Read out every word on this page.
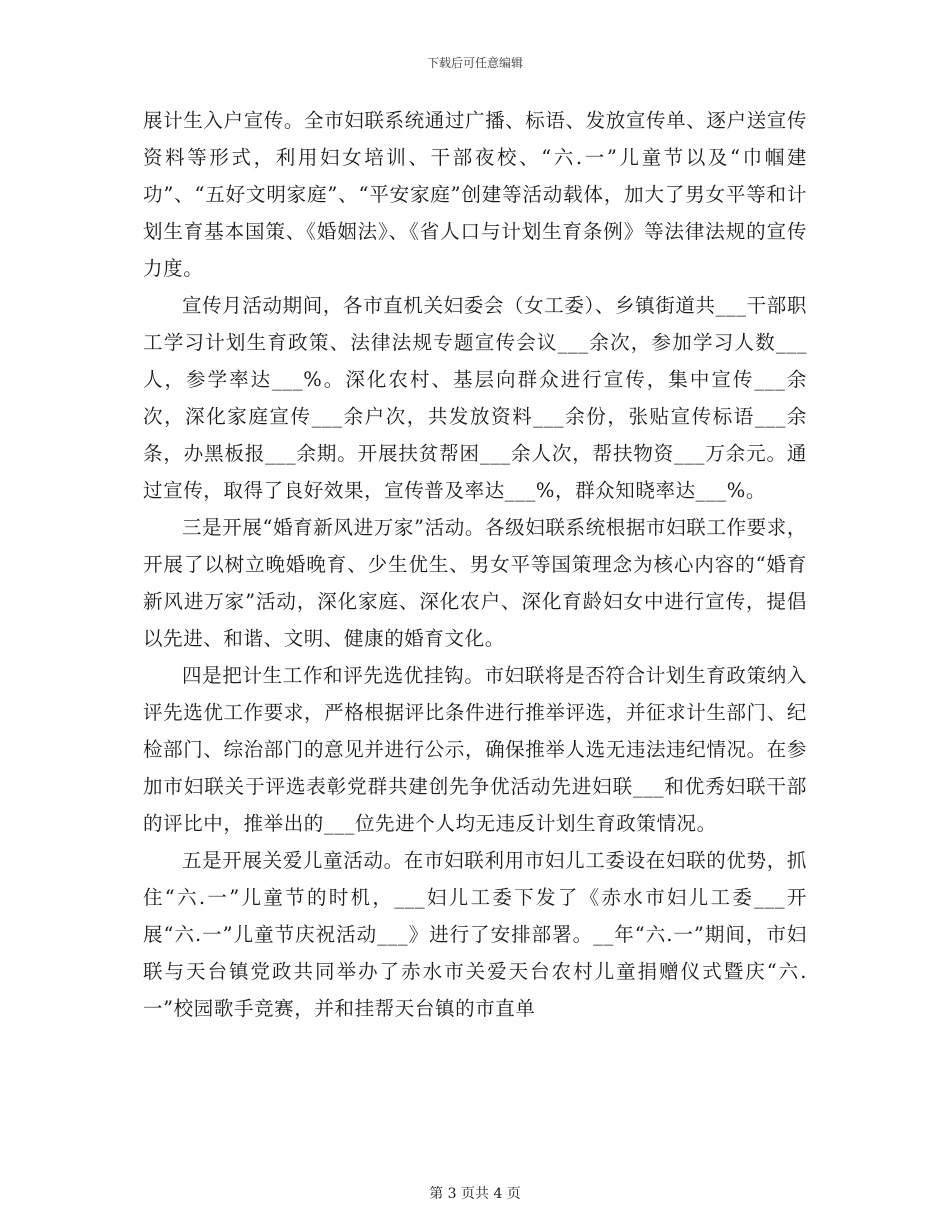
下载后可任意编辑

展计生入户宣传。全市妇联系统通过广播、标语、发放宣传单、逐户送宣传资料等形式，利用妇女培训、干部夜校、“六.一”儿童节以及“巾帼建功”、“五好文明家庭”、“平安家庭”创建等活动载体，加大了男女平等和计划生育基本国策、《婚姻法》、《省人口与计划生育条例》等法律法规的宣传力度。

宣传月活动期间，各市直机关妇委会（女工委）、乡镇街道共___干部职工学习计划生育政策、法律法规专题宣传会议___余次，参加学习人数___人，参学率达___%。深化农村、基层向群众进行宣传，集中宣传___余次，深化家庭宣传___余户次，共发放资料___余份，张贴宣传标语___余条，办黑板报___余期。开展扶贫帮困___余人次，帮扶物资___万余元。通过宣传，取得了良好效果，宣传普及率达___%，群众知晓率达___%。

三是开展“婚育新风进万家”活动。各级妇联系统根据市妇联工作要求，开展了以树立晚婚晚育、少生优生、男女平等国策理念为核心内容的“婚育新风进万家”活动，深化家庭、深化农户、深化育龄妇女中进行宣传，提倡以先进、和谐、文明、健康的婚育文化。

四是把计生工作和评先选优挂钩。市妇联将是否符合计划生育政策纳入评先选优工作要求，严格根据评比条件进行推举评选，并征求计生部门、纪检部门、综治部门的意见并进行公示，确保推举人选无违法违纪情况。在参加市妇联关于评选表彰党群共建创先争优活动先进妇联___和优秀妇联干部的评比中，推举出的___位先进个人均无违反计划生育政策情况。

五是开展关爱儿童活动。在市妇联利用市妇儿工委设在妇联的优势，抓住“六.一”儿童节的时机，___妇儿工委下发了《赤水市妇儿工委___开展“六.一”儿童节庆祝活动___》进行了安排部署。__年“六.一”期间，市妇联与天台镇党政共同举办了赤水市关爱天台农村儿童捐赠仪式暨庆“六.一”校园歌手竞赛，并和挂帮天台镇的市直单

第 3 页共 4 页
